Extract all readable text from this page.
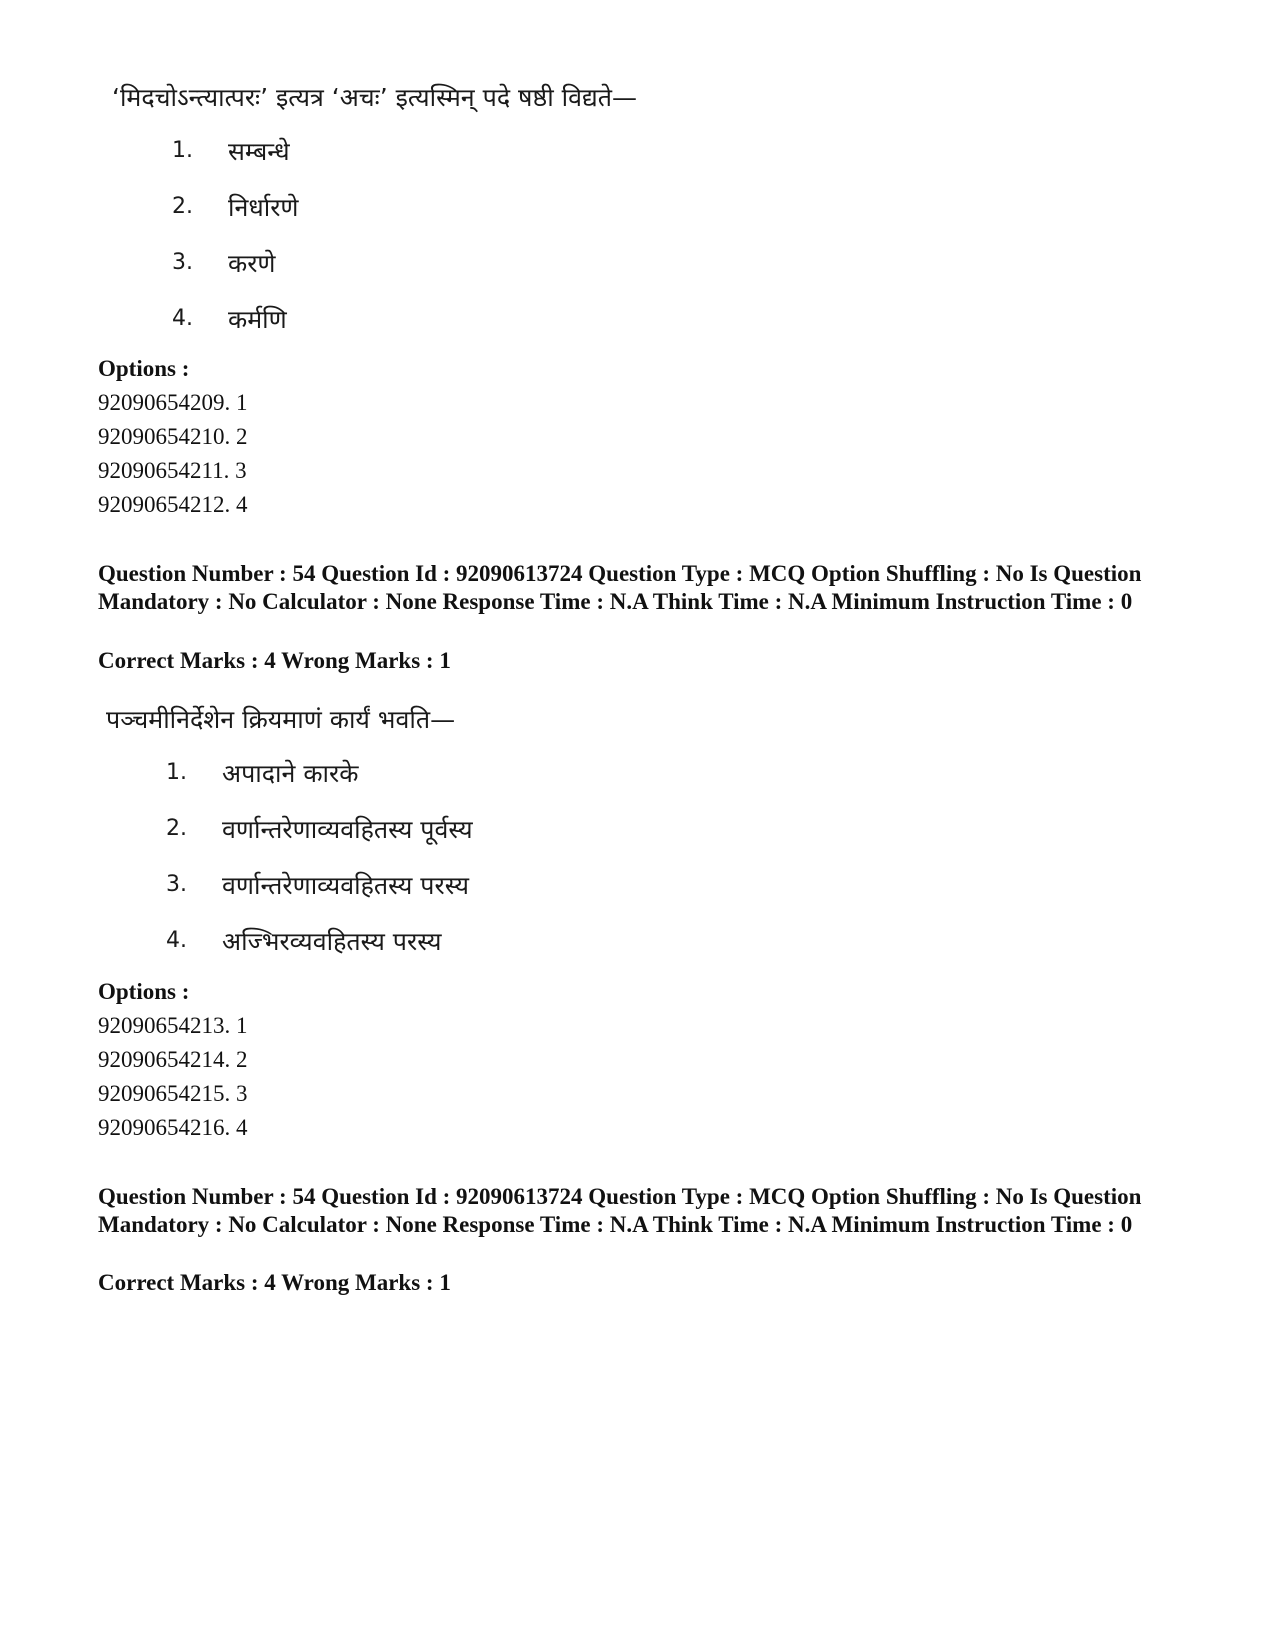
‘मिदचोऽन्त्यात्परः’ इत्यत्र ‘अचः’ इत्यस्मिन् पदे षष्ठी विद्यते—
1. सम्बन्धे
2. निर्धारणे
3. करणे
4. कर्मणि
Options :
92090654209. 1
92090654210. 2
92090654211. 3
92090654212. 4
Question Number : 54 Question Id : 92090613724 Question Type : MCQ Option Shuffling : No Is Question Mandatory : No Calculator : None Response Time : N.A Think Time : N.A Minimum Instruction Time : 0
Correct Marks : 4 Wrong Marks : 1
पञ्चमीनिर्देशेन क्रियमाणं कार्यं भवति—
1. अपादाने कारके
2. वर्णान्तरेणाव्यवहितस्य पूर्वस्य
3. वर्णान्तरेणाव्यवहितस्य परस्य
4. अज्भिरव्यवहितस्य परस्य
Options :
92090654213. 1
92090654214. 2
92090654215. 3
92090654216. 4
Question Number : 54 Question Id : 92090613724 Question Type : MCQ Option Shuffling : No Is Question Mandatory : No Calculator : None Response Time : N.A Think Time : N.A Minimum Instruction Time : 0
Correct Marks : 4 Wrong Marks : 1
